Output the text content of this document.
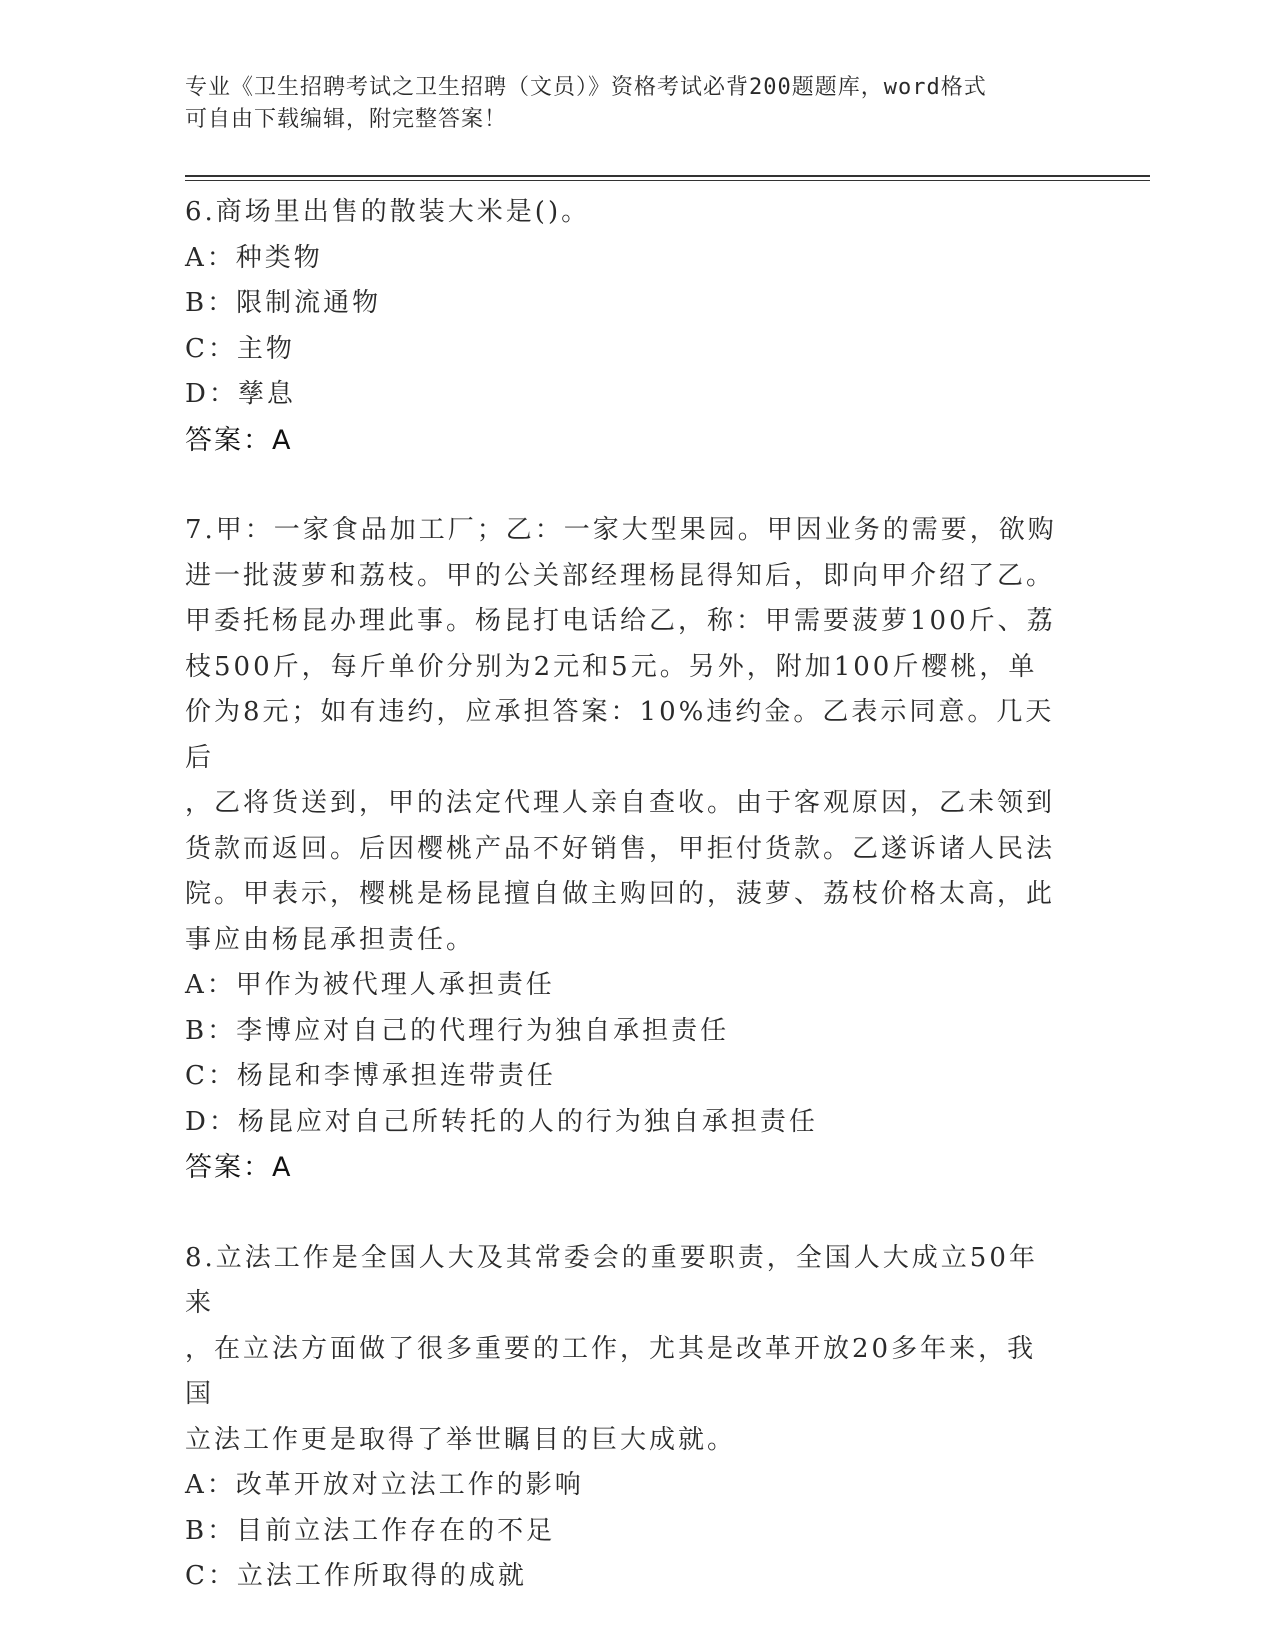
专业《卫生招聘考试之卫生招聘（文员）》资格考试必背200题题库，word格式
可自由下载编辑，附完整答案！
6.商场里出售的散装大米是()。
A：种类物
B：限制流通物
C：主物
D：孳息
答案：A
7.甲：一家食品加工厂；乙：一家大型果园。甲因业务的需要，欲购
进一批菠萝和荔枝。甲的公关部经理杨昆得知后，即向甲介绍了乙。
甲委托杨昆办理此事。杨昆打电话给乙，称：甲需要菠萝100斤、荔
枝500斤，每斤单价分别为2元和5元。另外，附加100斤樱桃，单
价为8元；如有违约，应承担答案：10%违约金。乙表示同意。几天后
，乙将货送到，甲的法定代理人亲自查收。由于客观原因，乙未领到
货款而返回。后因樱桃产品不好销售，甲拒付货款。乙遂诉诸人民法
院。甲表示，樱桃是杨昆擅自做主购回的，菠萝、荔枝价格太高，此
事应由杨昆承担责任。
A：甲作为被代理人承担责任
B：李博应对自己的代理行为独自承担责任
C：杨昆和李博承担连带责任
D：杨昆应对自己所转托的人的行为独自承担责任
答案：A
8.立法工作是全国人大及其常委会的重要职责，全国人大成立50年来
，在立法方面做了很多重要的工作，尤其是改革开放20多年来，我国
立法工作更是取得了举世瞩目的巨大成就。
A：改革开放对立法工作的影响
B：目前立法工作存在的不足
C：立法工作所取得的成就
